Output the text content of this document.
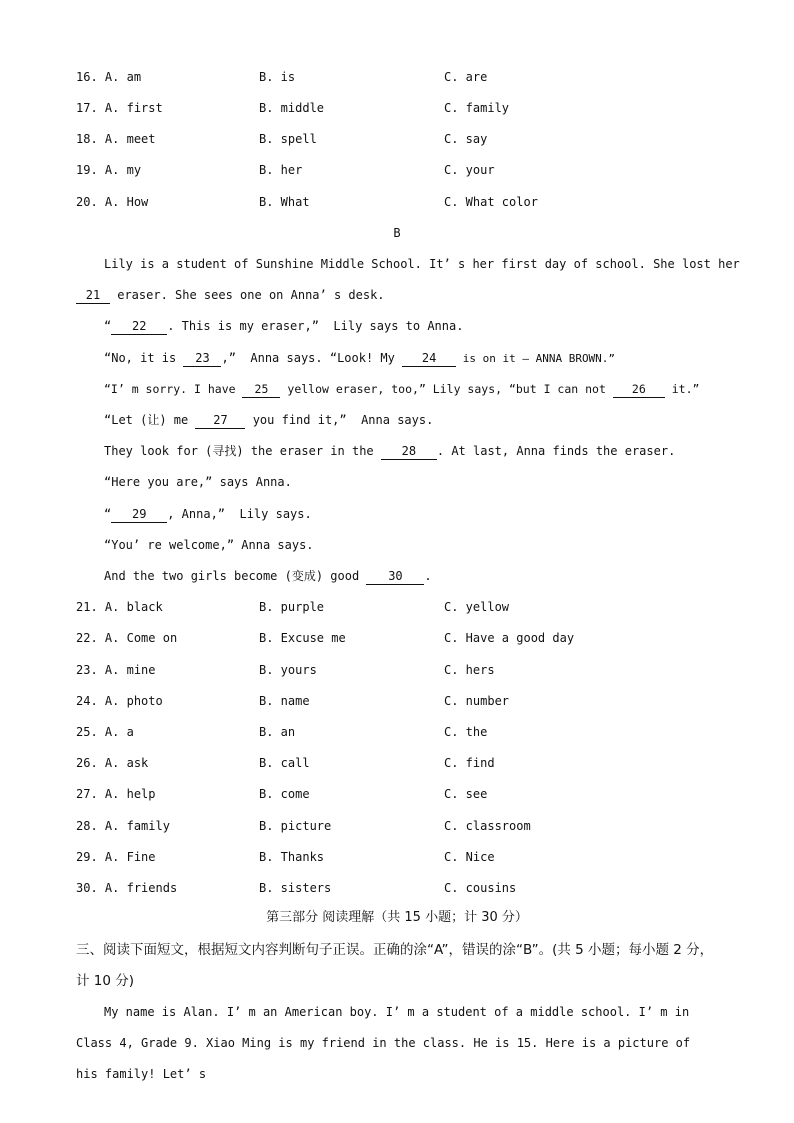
16. A. am	B. is	C. are
17. A. first	B. middle	C. family
18. A. meet	B. spell	C. say
19. A. my	B. her	C. your
20. A. How	B. What	C. What color
B
Lily is a student of Sunshine Middle School. It’ s her first day of school. She lost her
21 eraser. She sees one on Anna’ s desk.
“ 22 . This is my eraser,”  Lily says to Anna.
“No, it is 23 ,”  Anna says. “Look! My 24 is on it — ANNA BROWN.”
“I’ m sorry. I have 25 yellow eraser, too,” Lily says, “but I can not 26 it.”
“Let (让) me 27 you find it,”  Anna says.
They look for (寻找) the eraser in the 28 . At last, Anna finds the eraser.
“Here you are,” says Anna.
“ 29 , Anna,”  Lily says.
“You’ re welcome,” Anna says.
And the two girls become (变成) good 30 .
21. A. black	B. purple	C. yellow
22. A. Come on	B. Excuse me	C. Have a good day
23. A. mine	B. yours	C. hers
24. A. photo	B. name	C. number
25. A. a	B. an	C. the
26. A. ask	B. call	C. find
27. A. help	B. come	C. see
28. A. family	B. picture	C. classroom
29. A. Fine	B. Thanks	C. Nice
30. A. friends	B. sisters	C. cousins
第三部分 阅读理解（共 15 小题；计 30 分）
三、阅读下面短文，根据短文内容判断句子正误。正确的涂“A”，错误的涂“B”。(共 5 小题；每小题 2 分，计 10 分)
My name is Alan. I’ m an American boy. I’ m a student of a middle school. I’ m in Class 4, Grade 9. Xiao Ming is my friend in the class. He is 15. Here is a picture of his family! Let’ s
